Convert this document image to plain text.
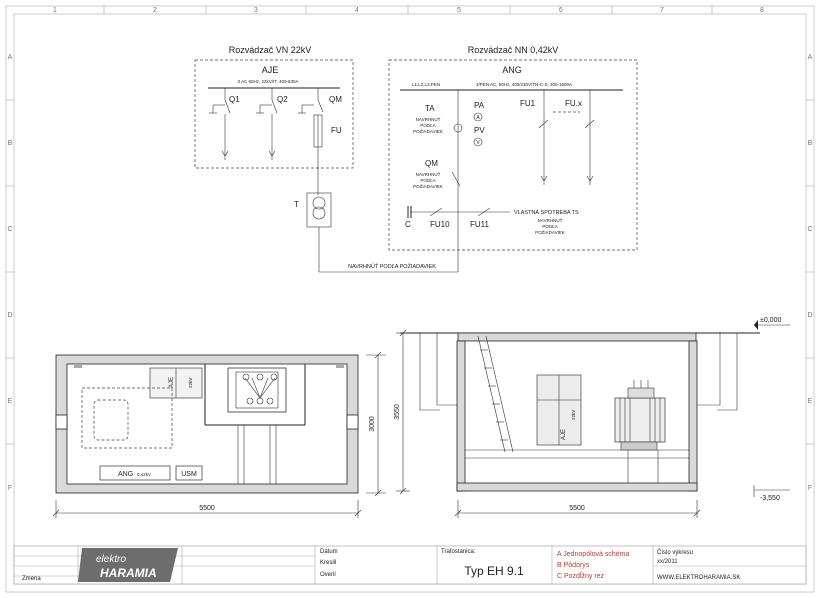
1	2	3	4	5	6	7	8
A
B
C
D
E
F
A
B
C
D
E
F
Rozvádzač VN 22kV	Rozvádzač NN 0,42kV
AJE
3 AC 50Hz, 22kV/IT, 400-630A
Q1	Q2	QM
FU
T
NAVRHNÚŤ PODĽA POŽIADAVIEK
ANG
L1,L2,L3,PEN	3/PEN AC, 50Hz, 400/230V/TN-C-S, 300-1600A
TA
NAVRHNUŤ
PODĽA
POŽIADAVIEK
PA
A
PV
V
FU1	FU.x
QM
NAVRHNUŤ
PODĽA
POŽIADAVIEK
C FU10	FU11
VLASTNÁ SPOTREBA TS
NAVRHNUŤ
PODĽA
POŽIADAVIEK
AJE	22kV
ANG 0,42kV	USM
5500
3000
AJE
22kV
±0,000
-3,550
5500
3550
Zmena
Dátum
Kreslil
Overil
elektro
HARAMIA
Trafostanica:
Typ EH 9.1
A Jednopólová schéma
B Pôdorys
C Pozdĺžny rez
Číslo výkresu
xx/2011
WWW.ELEKTROHARAMIA.SK
